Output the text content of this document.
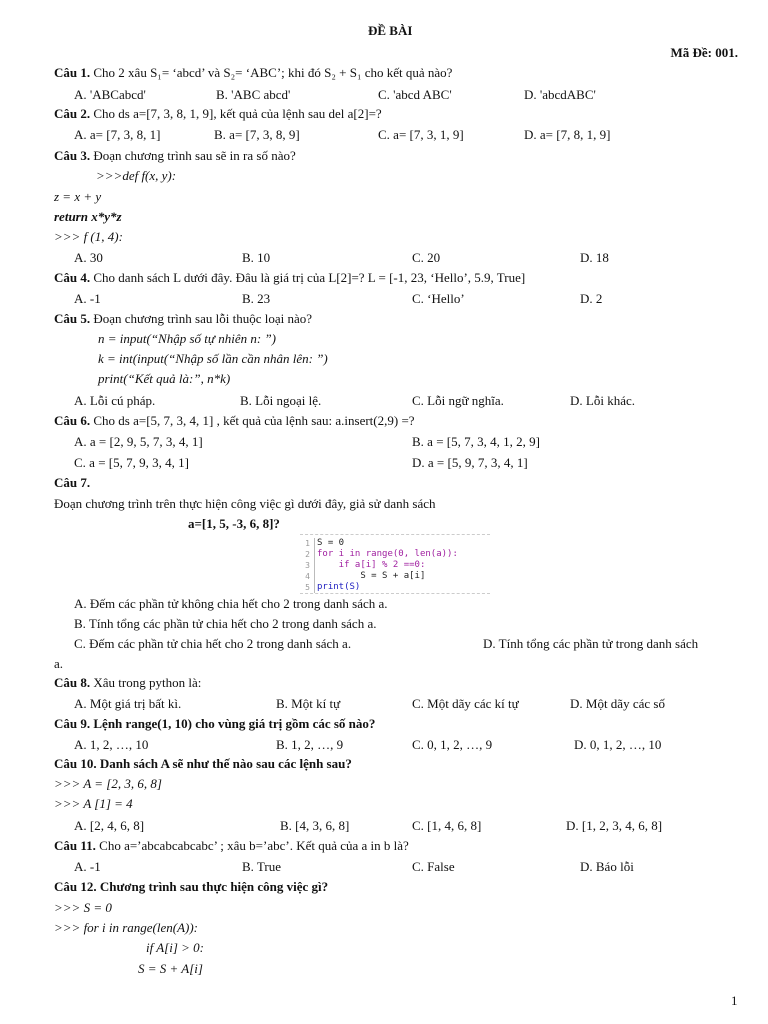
ĐỀ BÀI
Mã Đề: 001.
Câu 1. Cho 2 xâu S₁= ‘abcd’ và S₂= ‘ABC’; khi đó S₂ + S₁ cho kết quả nào?
A. 'ABCabcd'	B. 'ABC abcd'	C. 'abcd ABC'	D. 'abcdABC'
Câu 2. Cho ds a=[7, 3, 8, 1, 9], kết quả của lệnh sau del a[2]=?
A. a= [7, 3, 8, 1]	B. a= [7, 3, 8, 9]	C. a= [7, 3, 1, 9]	D. a= [7, 8, 1, 9]
Câu 3. Đoạn chương trình sau sẽ in ra số nào?
>>>def f(x, y):
z = x + y
return x*y*z
>>> f (1, 4):
A. 30	B. 10	C. 20	D. 18
Câu 4. Cho danh sách L dưới đây. Đâu là giá trị của L[2]=? L = [-1, 23, ‘Hello’, 5.9, True]
A. -1	B. 23	C. ‘Hello’	D. 2
Câu 5. Đoạn chương trình sau lỗi thuộc loại nào?
n = input(“Nhập số tự nhiên n: ”)
k = int(input(“Nhập số lần cần nhân lên: ”)
print(“Kết quả là:”, n*k)
A. Lỗi cú pháp.	B. Lỗi ngoại lệ.	C. Lỗi ngữ nghĩa.	D. Lỗi khác.
Câu 6. Cho ds a=[5, 7, 3, 4, 1] , kết quả của lệnh sau: a.insert(2,9) =?
A. a = [2, 9, 5, 7, 3, 4, 1]	B. a = [5, 7, 3, 4, 1, 2, 9]
C. a = [5, 7, 9, 3, 4, 1]	D. a = [5, 9, 7, 3, 4, 1]
Câu 7.
Đoạn chương trình trên thực hiện công việc gì dưới đây, giả sử danh sách
a=[1, 5, -3, 6, 8]?
1
2
3
4
5
S = 0
for i in range(0, len(a)):
if a[i] % 2 ==0:
S = S + a[i]
print(S)
A. Đếm các phần tử không chia hết cho 2 trong danh sách a.
B. Tính tổng các phần tử chia hết cho 2 trong danh sách a.
C. Đếm các phần tử chia hết cho 2 trong danh sách a.	D. Tính tổng các phần tử trong danh sách
a.
Câu 8. Xâu trong python là:
A. Một giá trị bất kì.	B. Một kí tự	C. Một dãy các kí tự	D. Một dãy các số
Câu 9. Lệnh range(1, 10) cho vùng giá trị gồm các số nào?
A. 1, 2, …, 10	B. 1, 2, …, 9	C. 0, 1, 2, …, 9	D. 0, 1, 2, …, 10
Câu 10. Danh sách A sẽ như thế nào sau các lệnh sau?
>>> A = [2, 3, 6, 8]
>>> A [1] = 4
A. [2, 4, 6, 8]	B. [4, 3, 6, 8]	C. [1, 4, 6, 8]	D. [1, 2, 3, 4, 6, 8]
Câu 11. Cho a=’abcabcabcabc’ ; xâu b=’abc’. Kết quả của a in b là?
A. -1	B. True	C. False	D. Báo lỗi
Câu 12. Chương trình sau thực hiện công việc gì?
>>> S = 0
>>> for i in range(len(A)):
if A[i] > 0:
S = S + A[i]
1
